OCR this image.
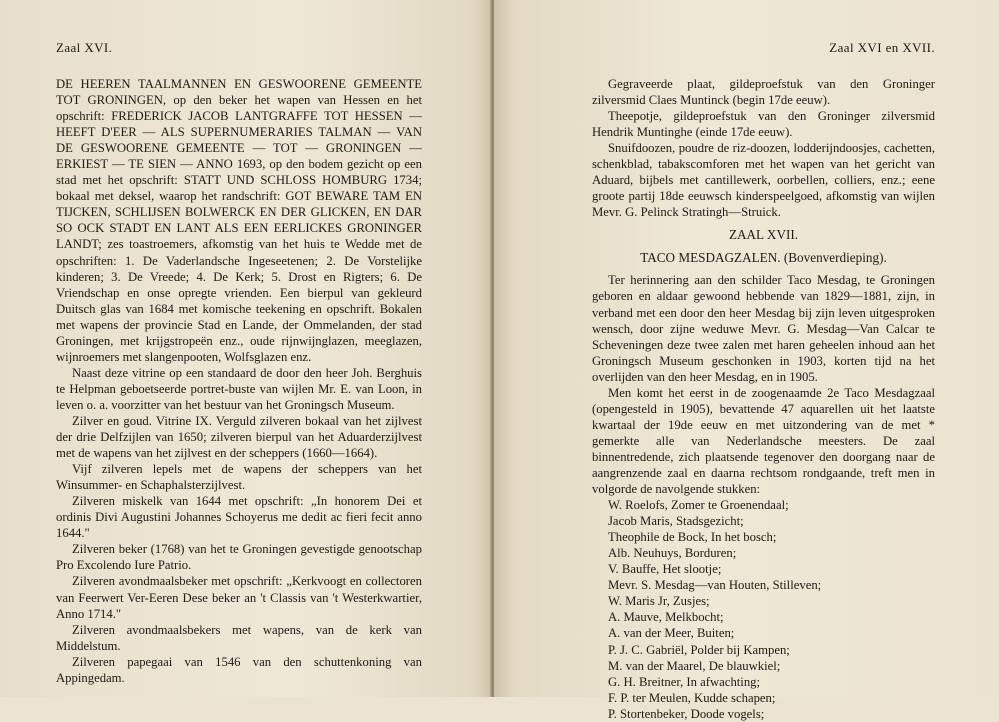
Zaal XVI.

DE HEEREN TAALMANNEN EN GESWOORENE GEMEENTE TOT GRONINGEN, op den beker het wapen van Hessen en het opschrift: FREDERICK JACOB LANTGRAFFE TOT HESSEN — HEEFT D'EER — ALS SUPERNUMERARIES TALMAN — VAN DE GESWOORENE GEMEENTE — TOT — GRONINGEN — ERKIEST — TE SIEN — ANNO 1693, op den bodem gezicht op een stad met het opschrift: STATT UND SCHLOSS HOMBURG 1734; bokaal met deksel, waarop het randschrift: GOT BEWARE TAM EN TIJCKEN, SCHLIJSEN BOLWERCK EN DER GLICKEN, EN DAR SO OCK STADT EN LANT ALS EEN EERLICKES GRONINGER LANDT; zes toastroemers, afkomstig van het huis te Wedde met de opschriften: 1. De Vaderlandsche Ingeseetenen; 2. De Vorstelijke kinderen; 3. De Vreede; 4. De Kerk; 5. Drost en Rigters; 6. De Vriendschap en onse opregte vrienden. Een bierpul van gekleurd Duitsch glas van 1684 met komische teekening en opschrift. Bokalen met wapens der provincie Stad en Lande, der Ommelanden, der stad Groningen, met krijgstropeën enz., oude rijnwijnglazen, meeglazen, wijnroemers met slangenpooten, Wolfsglazen enz.

Naast deze vitrine op een standaard de door den heer Joh. Berghuis te Helpman geboetseerde portret-buste van wijlen Mr. E. van Loon, in leven o. a. voorzitter van het bestuur van het Groningsch Museum.

Zilver en goud. Vitrine IX. Verguld zilveren bokaal van het zijlvest der drie Delfzijlen van 1650; zilveren bierpul van het Aduarderzijlvest met de wapens van het zijlvest en der scheppers (1660—1664).

Vijf zilveren lepels met de wapens der scheppers van het Winsummer- en Schaphalsterzijlvest.

Zilveren miskelk van 1644 met opschrift: „In honorem Dei et ordinis Divi Augustini Johannes Schoyerus me dedit ac fieri fecit anno 1644."

Zilveren beker (1768) van het te Groningen gevestigde genootschap Pro Excolendo Iure Patrio.

Zilveren avondmaalsbeker met opschrift: „Kerkvoogt en collectoren van Feerwert Ver-Eeren Dese beker an 't Classis van 't Westerkwartier, Anno 1714."

Zilveren avondmaalsbekers met wapens, van de kerk van Middelstum.

Zilveren papegaai van 1546 van den schuttenkoning van Appingedam.

Zaal XVI en XVII.

Gegraveerde plaat, gildeproefstuk van den Groninger zilversmid Claes Muntinck (begin 17de eeuw).

Theepotje, gildeproefstuk van den Groninger zilversmid Hendrik Muntinghe (einde 17de eeuw).

Snuifdoozen, poudre de riz-doozen, lodderijndoosjes, cachetten, schenkblad, tabakscomforen met het wapen van het gericht van Aduard, bijbels met cantillewerk, oorbellen, colliers, enz.; eene groote partij 18de eeuwsch kinderspeelgoed, afkomstig van wijlen Mevr. G. Pelinck Stratingh—Struick.

ZAAL XVII.

TACO MESDAGZALEN. (Bovenverdieping).

Ter herinnering aan den schilder Taco Mesdag, te Groningen geboren en aldaar gewoond hebbende van 1829—1881, zijn, in verband met een door den heer Mesdag bij zijn leven uitgesproken wensch, door zijne weduwe Mevr. G. Mesdag—Van Calcar te Scheveningen deze twee zalen met haren geheelen inhoud aan het Groningsch Museum geschonken in 1903, korten tijd na het overlijden van den heer Mesdag, en in 1905.

Men komt het eerst in de zoogenaamde 2e Taco Mesdagzaal (opengesteld in 1905), bevattende 47 aquarellen uit het laatste kwartaal der 19de eeuw en met uitzondering van de met * gemerkte alle van Nederlandsche meesters. De zaal binnentredende, zich plaatsende tegenover den doorgang naar de aangrenzende zaal en daarna rechtsom rondgaande, treft men in volgorde de navolgende stukken:

W. Roelofs, Zomer te Groenendaal;
Jacob Maris, Stadsgezicht;
Theophile de Bock, In het bosch;
Alb. Neuhuys, Borduren;
V. Bauffe, Het slootje;
Mevr. S. Mesdag—van Houten, Stilleven;
W. Maris Jr, Zusjes;
A. Mauve, Melkbocht;
A. van der Meer, Buiten;
P. J. C. Gabriël, Polder bij Kampen;
M. van der Maarel, De blauwkiel;
G. H. Breitner, In afwachting;
F. P. ter Meulen, Kudde schapen;
P. Stortenbeker, Doode vogels;
